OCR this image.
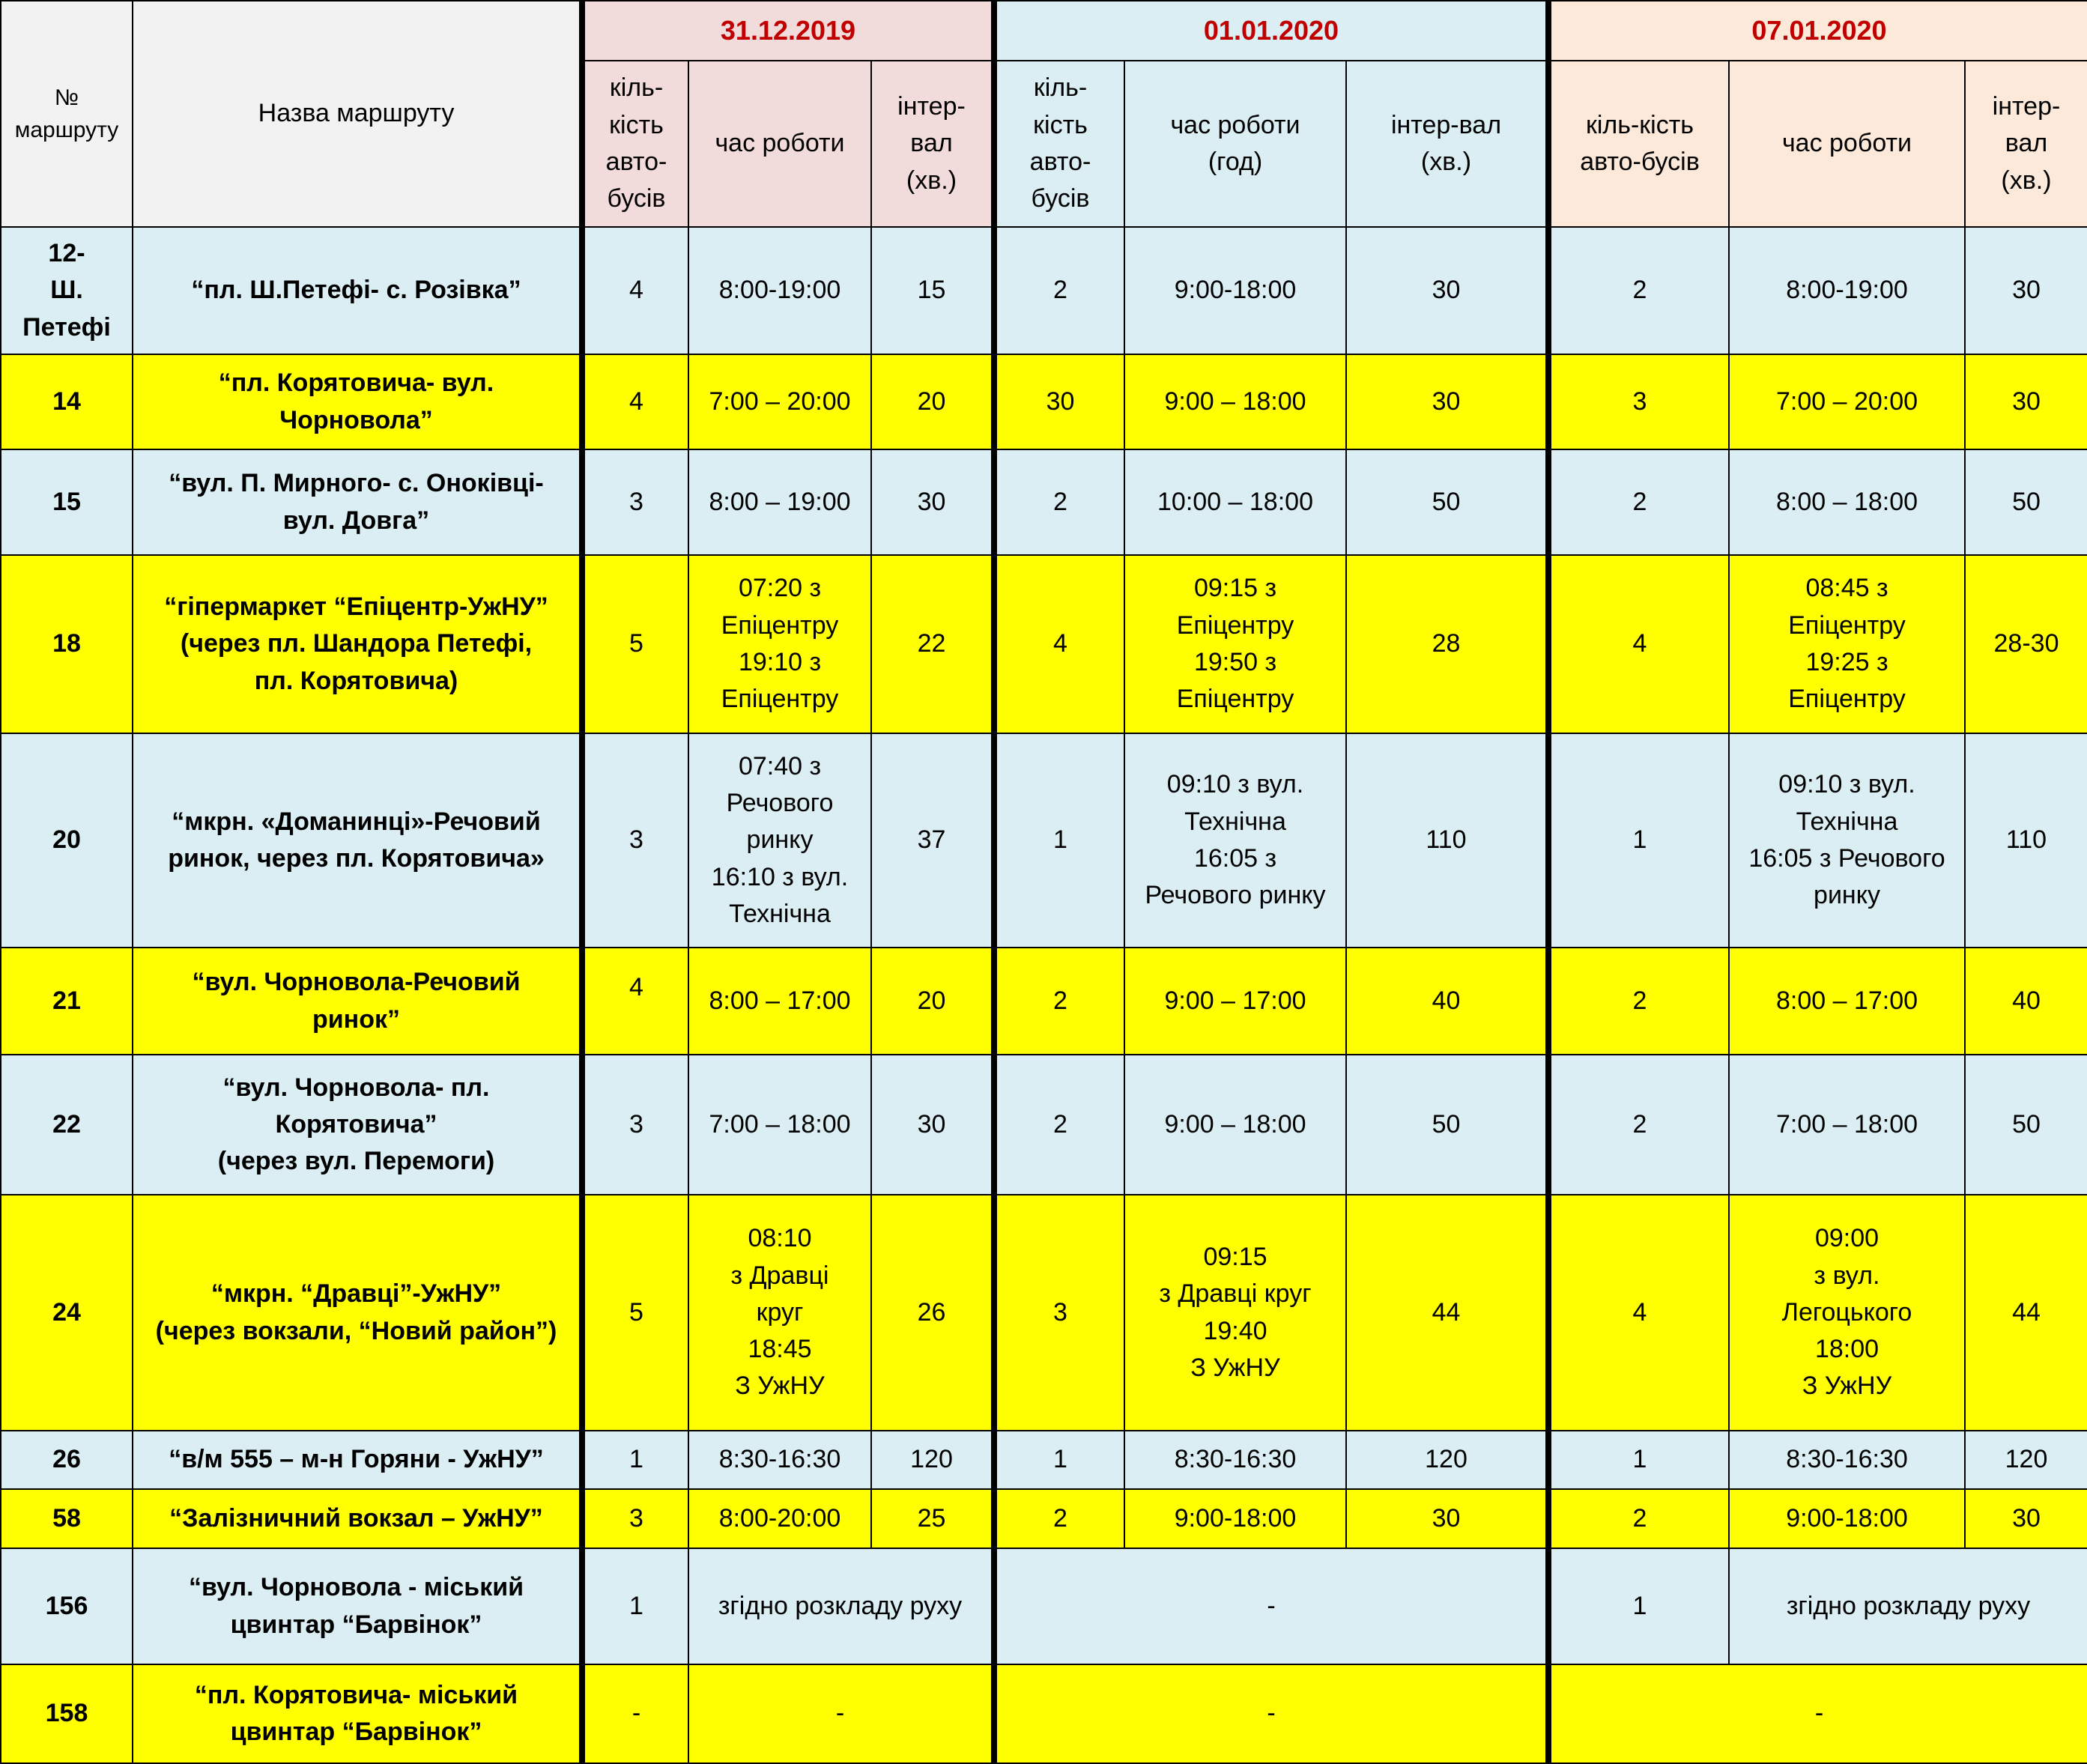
№
маршруту	Назва маршруту	31.12.2019			01.01.2020			07.01.2020		
		кіль-
кість
авто-
бусів	час роботи	інтер-
вал
(хв.)	кіль-
кість
авто-
бусів	час роботи
(год)	інтер-вал
(хв.)	кіль-кість
авто-бусів	час роботи	інтер-вал
(хв.)
12-
Ш.
Петефі	“пл. Ш.Петефі- с. Розівка”	4	8:00-19:00	15	2	9:00-18:00	30	2	8:00-19:00	30
14	“пл. Корятовича- вул.
Чорновола”	4	7:00 – 20:00	20	30	9:00 – 18:00	30	3	7:00 – 20:00	30
15	“вул. П. Мирного- с. Оноківці-
вул. Довга”	3	8:00 – 19:00	30	2	10:00 – 18:00	50	2	8:00 – 18:00	50
18	“гіпермаркет “Епіцентр-УжНУ”
(через пл. Шандора Петефі,
пл. Корятовича)	5	07:20 з
Епіцентру
19:10 з
Епіцентру	22	4	09:15 з
Епіцентру
19:50 з
Епіцентру	28	4	08:45 з
Епіцентру
19:25 з
Епіцентру	28-30
20	“мкрн. «Доманинці»-Речовий
ринок, через пл. Корятовича»	3	07:40 з
Речового
ринку
16:10 з вул.
Технічна	37	1	09:10 з вул.
Технічна
16:05 з
Речового ринку	110	1	09:10 з вул.
Технічна
16:05 з Речового
ринку	110
21	“вул. Чорновола-Речовий
ринок”	4	8:00 – 17:00	20	2	9:00 – 17:00	40	2	8:00 – 17:00	40
22	“вул. Чорновола- пл.
Корятовича”
(через вул. Перемоги)	3	7:00 – 18:00	30	2	9:00 – 18:00	50	2	7:00 – 18:00	50
24	“мкрн. “Дравці”-УжНУ”
(через вокзали, “Новий район”)	5	08:10
з Дравці
круг
18:45
З УжНУ	26	3	09:15
з Дравці круг
19:40
З УжНУ	44	4	09:00
з вул.
Легоцького
18:00
З УжНУ	44
26	“в/м 555 – м-н Горяни - УжНУ”	1	8:30-16:30	120	1	8:30-16:30	120	1	8:30-16:30	120
58	“Залізничний вокзал – УжНУ”	3	8:00-20:00	25	2	9:00-18:00	30	2	9:00-18:00	30
156	“вул. Чорновола - міський
цвинтар “Барвінок”	1	згідно розкладу руху		-			1	згідно розкладу руху	
158	“пл. Корятовича- міський
цвинтар “Барвінок”	-	-		-			-		
